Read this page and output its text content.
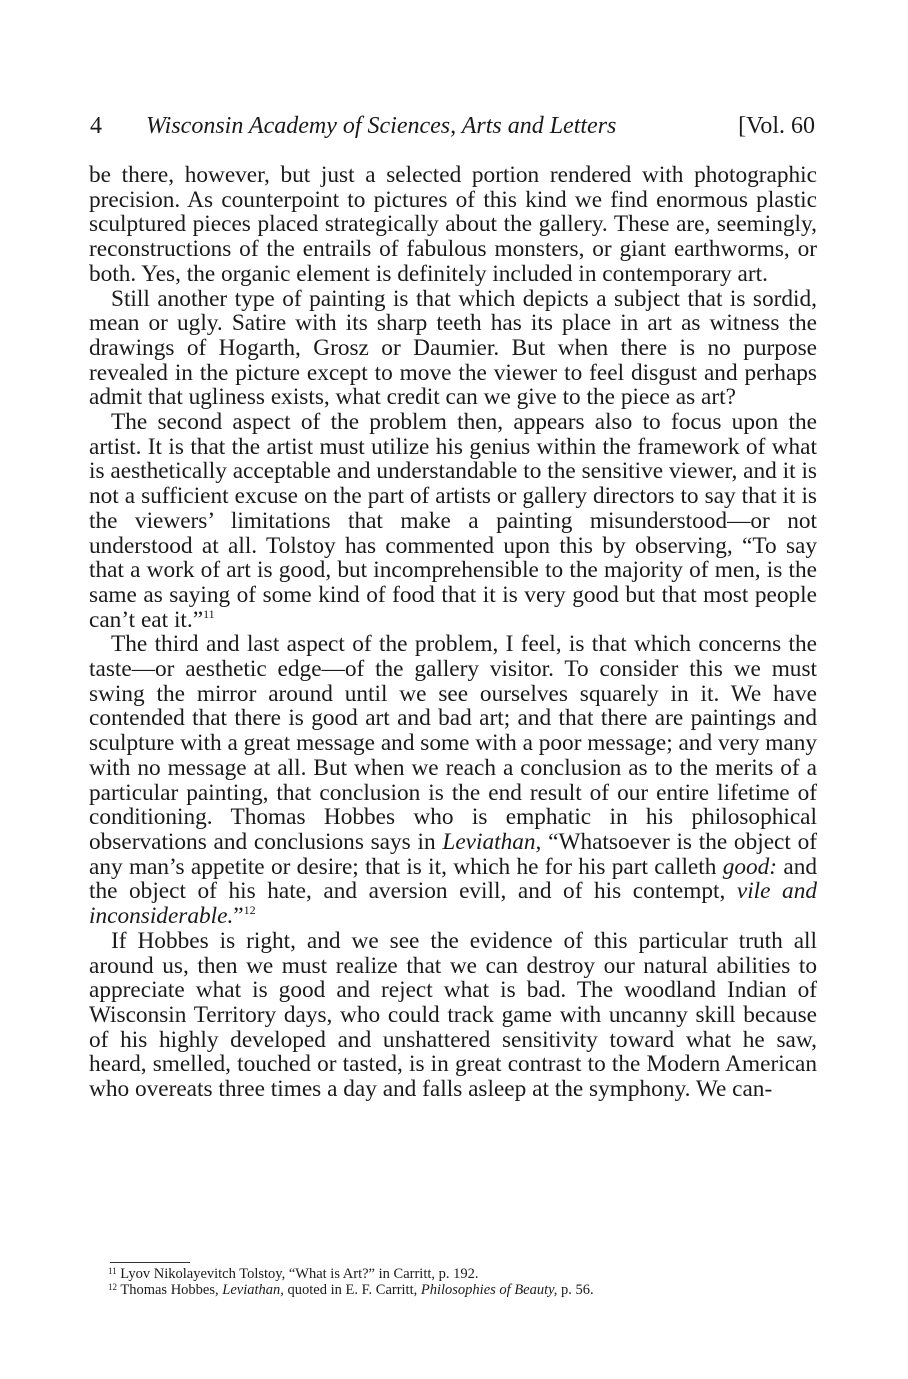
4 Wisconsin Academy of Sciences, Arts and Letters	[Vol. 60

be there, however, but just a selected portion rendered with photographic precision. As counterpoint to pictures of this kind we find enormous plastic sculptured pieces placed strategically about the gallery. These are, seemingly, reconstructions of the entrails of fabulous monsters, or giant earthworms, or both. Yes, the organic element is definitely included in contemporary art.

Still another type of painting is that which depicts a subject that is sordid, mean or ugly. Satire with its sharp teeth has its place in art as witness the drawings of Hogarth, Grosz or Daumier. But when there is no purpose revealed in the picture except to move the viewer to feel disgust and perhaps admit that ugliness exists, what credit can we give to the piece as art?

The second aspect of the problem then, appears also to focus upon the artist. It is that the artist must utilize his genius within the framework of what is aesthetically acceptable and understandable to the sensitive viewer, and it is not a sufficient excuse on the part of artists or gallery directors to say that it is the viewers’ limitations that make a painting misunderstood—or not understood at all. Tolstoy has commented upon this by observing, “To say that a work of art is good, but incomprehensible to the majority of men, is the same as saying of some kind of food that it is very good but that most people can’t eat it.”$^{11}$

The third and last aspect of the problem, I feel, is that which concerns the taste—or aesthetic edge—of the gallery visitor. To consider this we must swing the mirror around until we see ourselves squarely in it. We have contended that there is good art and bad art; and that there are paintings and sculpture with a great message and some with a poor message; and very many with no message at all. But when we reach a conclusion as to the merits of a particular painting, that conclusion is the end result of our entire lifetime of conditioning. Thomas Hobbes who is emphatic in his philosophical observations and conclusions says in Leviathan, “Whatsoever is the object of any man’s appetite or desire; that is it, which he for his part calleth good: and the object of his hate, and aversion evill, and of his contempt, vile and inconsiderable.”$^{12}$

If Hobbes is right, and we see the evidence of this particular truth all around us, then we must realize that we can destroy our natural abilities to appreciate what is good and reject what is bad. The woodland Indian of Wisconsin Territory days, who could track game with uncanny skill because of his highly developed and unshattered sensitivity toward what he saw, heard, smelled, touched or tasted, is in great contrast to the Modern American who overeats three times a day and falls asleep at the symphony. We can-

$^{11}$ Lyov Nikolayevitch Tolstoy, “What is Art?” in Carritt, p. 192.
$^{12}$ Thomas Hobbes, Leviathan, quoted in E. F. Carritt, Philosophies of Beauty, p. 56.
